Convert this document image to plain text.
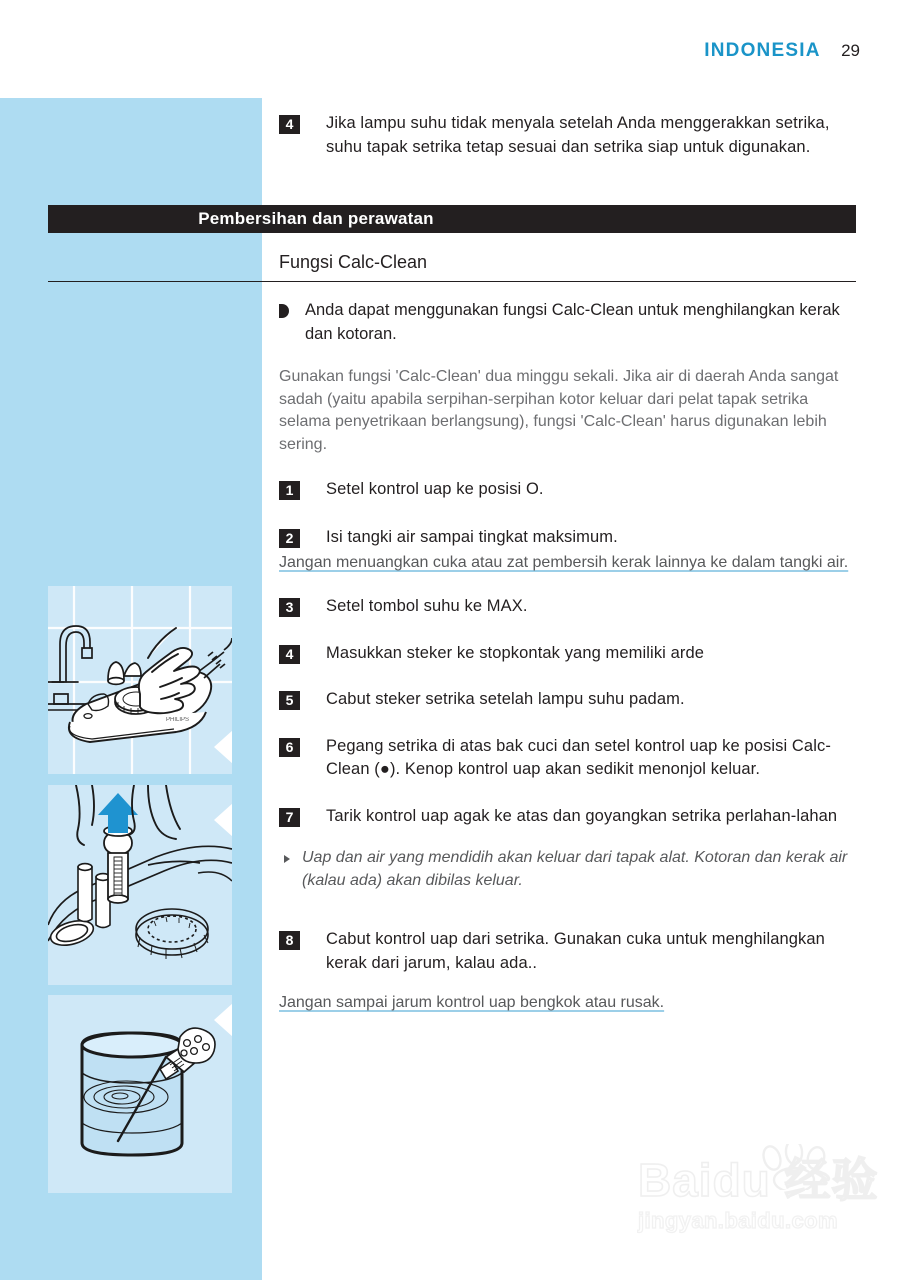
INDONESIA 29
4	Jika lampu suhu tidak menyala setelah Anda menggerakkan setrika, suhu tapak setrika tetap sesuai dan setrika siap untuk digunakan.
Pembersihan dan perawatan
Fungsi Calc-Clean
Anda dapat menggunakan fungsi Calc-Clean untuk menghilangkan kerak dan kotoran.
Gunakan fungsi 'Calc-Clean' dua minggu sekali. Jika air di daerah Anda sangat sadah (yaitu apabila serpihan-serpihan kotor keluar dari pelat tapak setrika selama penyetrikaan berlangsung), fungsi 'Calc-Clean' harus digunakan lebih sering.
1	Setel kontrol uap ke posisi O.
2	Isi tangki air sampai tingkat maksimum.
Jangan menuangkan cuka atau zat pembersih kerak lainnya ke dalam tangki air.
3	Setel tombol suhu ke MAX.
4	Masukkan steker ke stopkontak yang memiliki arde
5	Cabut steker setrika setelah lampu suhu padam.
6	Pegang setrika di atas bak cuci dan setel kontrol uap ke posisi Calc-Clean (●). Kenop kontrol uap akan sedikit menonjol keluar.
7	Tarik kontrol uap agak ke atas dan goyangkan setrika perlahan-lahan
Uap dan air yang mendidih akan keluar dari tapak alat. Kotoran dan kerak air (kalau ada) akan dibilas keluar.
8	Cabut kontrol uap dari setrika. Gunakan cuka untuk menghilangkan kerak dari jarum, kalau ada..
Jangan sampai jarum kontrol uap bengkok atau rusak.
PHILIPS
Baidu 经验
jingyan.baidu.com
